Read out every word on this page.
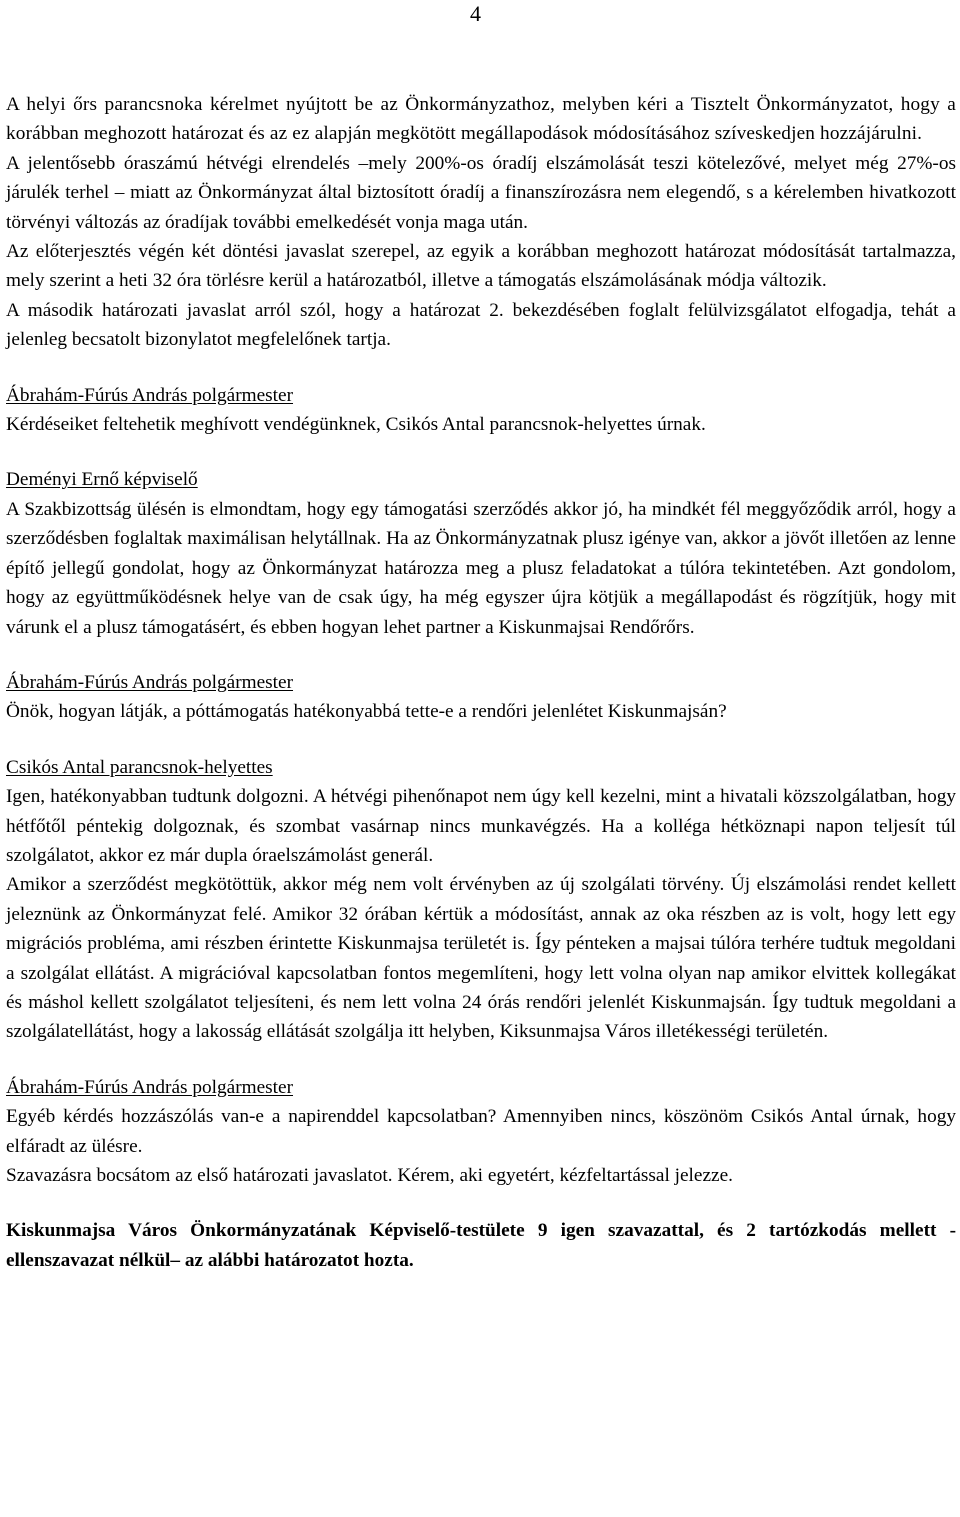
4

A helyi őrs parancsnoka kérelmet nyújtott be az Önkormányzathoz, melyben kéri a Tisztelt Önkormányzatot, hogy a korábban meghozott határozat és az ez alapján megkötött megállapodások módosításához szíveskedjen hozzájárulni.

A jelentősebb óraszámú hétvégi elrendelés –mely 200%-os óradíj elszámolását teszi kötelezővé, melyet még 27%-os járulék terhel – miatt az Önkormányzat által biztosított óradíj a finanszírozásra nem elegendő, s a kérelemben hivatkozott törvényi változás az óradíjak további emelkedését vonja maga után.

Az előterjesztés végén két döntési javaslat szerepel, az egyik a korábban meghozott határozat módosítását tartalmazza, mely szerint a heti 32 óra törlésre kerül a határozatból, illetve a támogatás elszámolásának módja változik.

A második határozati javaslat arról szól, hogy a határozat 2. bekezdésében foglalt felülvizsgálatot elfogadja, tehát a jelenleg becsatolt bizonylatot megfelelőnek tartja.

Ábrahám-Fúrús András polgármester

Kérdéseiket feltehetik meghívott vendégünknek, Csikós Antal parancsnok-helyettes úrnak.

Deményi Ernő képviselő

A Szakbizottság ülésén is elmondtam, hogy egy támogatási szerződés akkor jó, ha mindkét fél meggyőződik arról, hogy a szerződésben foglaltak maximálisan helytállnak. Ha az Önkormányzatnak plusz igénye van, akkor a jövőt illetően az lenne építő jellegű gondolat, hogy az Önkormányzat határozza meg a plusz feladatokat a túlóra tekintetében. Azt gondolom, hogy az együttműködésnek helye van de csak úgy, ha még egyszer újra kötjük a megállapodást és rögzítjük, hogy mit várunk el a plusz támogatásért, és ebben hogyan lehet partner a Kiskunmajsai Rendőrőrs.

Ábrahám-Fúrús András polgármester

Önök, hogyan látják, a póttámogatás hatékonyabbá tette-e a rendőri jelenlétet Kiskunmajsán?

Csikós Antal parancsnok-helyettes

Igen, hatékonyabban tudtunk dolgozni. A hétvégi pihenőnapot nem úgy kell kezelni, mint a hivatali közszolgálatban, hogy hétfőtől péntekig dolgoznak, és szombat vasárnap nincs munkavégzés. Ha a kolléga hétköznapi napon teljesít túl szolgálatot, akkor ez már dupla óraelszámolást generál.

Amikor a szerződést megkötöttük, akkor még nem volt érvényben az új szolgálati törvény. Új elszámolási rendet kellett jeleznünk az Önkormányzat felé. Amikor 32 órában kértük a módosítást, annak az oka részben az is volt, hogy lett egy migrációs probléma, ami részben érintette Kiskunmajsa területét is. Így pénteken a majsai túlóra terhére tudtuk megoldani a szolgálat ellátást. A migrációval kapcsolatban fontos megemlíteni, hogy lett volna olyan nap amikor elvittek kollegákat és máshol kellett szolgálatot teljesíteni, és nem lett volna 24 órás rendőri jelenlét Kiskunmajsán. Így tudtuk megoldani a szolgálatellátást, hogy a lakosság ellátását szolgálja itt helyben, Kiksunmajsa Város illetékességi területén.

Ábrahám-Fúrús András polgármester

Egyéb kérdés hozzászólás van-e a napirenddel kapcsolatban? Amennyiben nincs, köszönöm Csikós Antal úrnak, hogy elfáradt az ülésre.

Szavazásra bocsátom az első határozati javaslatot. Kérem, aki egyetért, kézfeltartással jelezze.

Kiskunmajsa Város Önkormányzatának Képviselő-testülete 9 igen szavazattal, és 2 tartózkodás mellett - ellenszavazat nélkül– az alábbi határozatot hozta.
